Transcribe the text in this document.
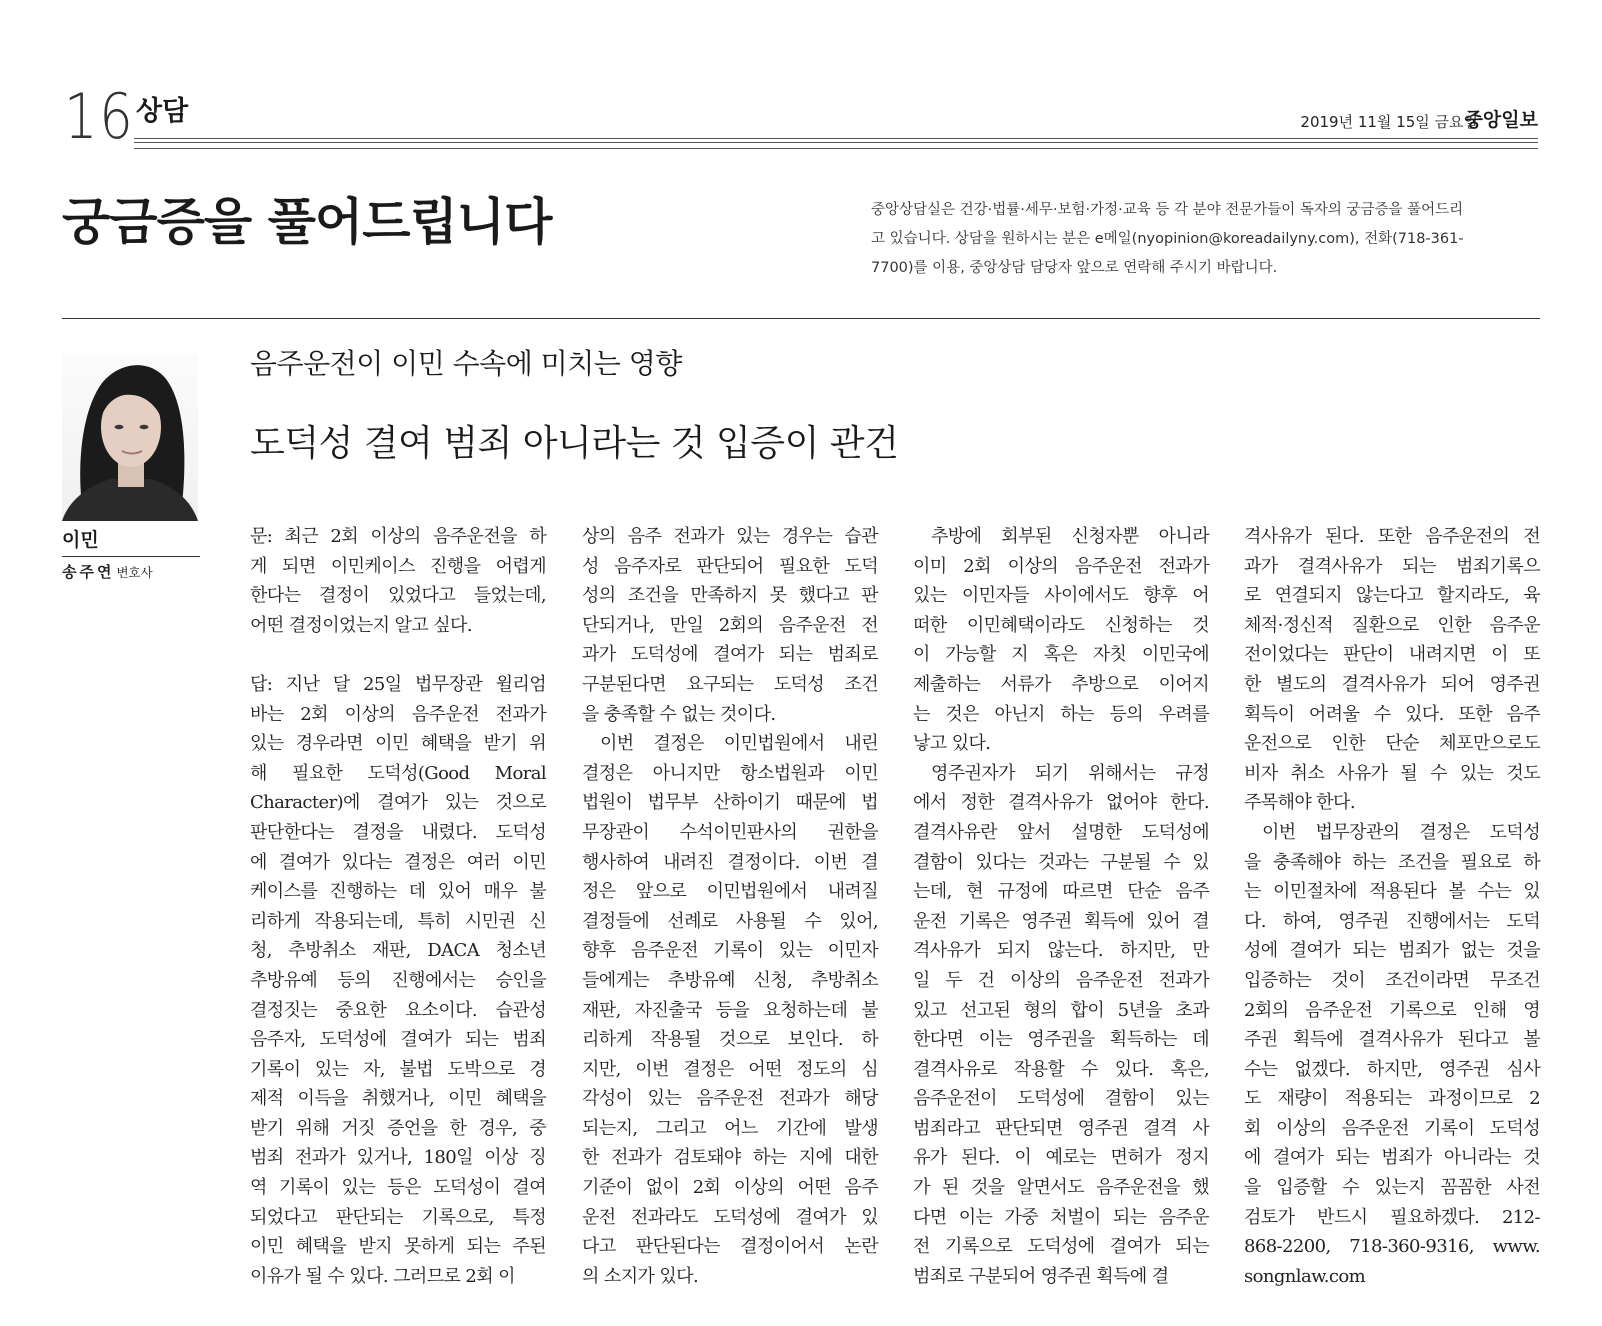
16 상담	2019년 11월 15일 금요일
중앙일보
궁금증을 풀어드립니다	중앙상담실은 건강·법률·세무·보험·가정·교육 등 각 분야 전문가들이 독자의 궁금증을 풀어드리
고 있습니다. 상담을 원하시는 분은 e메일(nyopinion@koreadailyny.com), 전화(718-361-
7700)를 이용, 중앙상담 담당자 앞으로 연락해 주시기 바랍니다.
이민
송주연 변호사
음주운전이 이민 수속에 미치는 영향
도덕성 결여 범죄 아니라는 것 입증이 관건
문: 최근 2회 이상의 음주운전을 하
게 되면 이민케이스 진행을 어렵게
한다는 결정이 있었다고 들었는데,
어떤 결정이었는지 알고 싶다.
답: 지난 달 25일 법무장관 윌리엄
바는 2회 이상의 음주운전 전과가
있는 경우라면 이민 혜택을 받기 위
해 필요한 도덕성(Good Moral
Character)에 결여가 있는 것으로
판단한다는 결정을 내렸다. 도덕성
에 결여가 있다는 결정은 여러 이민
케이스를 진행하는 데 있어 매우 불
리하게 작용되는데, 특히 시민권 신
청, 추방취소 재판, DACA 청소년
추방유예 등의 진행에서는 승인을
결정짓는 중요한 요소이다. 습관성
음주자, 도덕성에 결여가 되는 범죄
기록이 있는 자, 불법 도박으로 경
제적 이득을 취했거나, 이민 혜택을
받기 위해 거짓 증언을 한 경우, 중
범죄 전과가 있거나, 180일 이상 징
역 기록이 있는 등은 도덕성이 결여
되었다고 판단되는 기록으로, 특정
이민 혜택을 받지 못하게 되는 주된
이유가 될 수 있다. 그러므로 2회 이
상의 음주 전과가 있는 경우는 습관
성 음주자로 판단되어 필요한 도덕
성의 조건을 만족하지 못 했다고 판
단되거나, 만일 2회의 음주운전 전
과가 도덕성에 결여가 되는 범죄로
구분된다면 요구되는 도덕성 조건
을 충족할 수 없는 것이다.
이번 결정은 이민법원에서 내린
결정은 아니지만 항소법원과 이민
법원이 법무부 산하이기 때문에 법
무장관이 수석이민판사의 권한을
행사하여 내려진 결정이다. 이번 결
정은 앞으로 이민법원에서 내려질
결정들에 선례로 사용될 수 있어,
향후 음주운전 기록이 있는 이민자
들에게는 추방유예 신청, 추방취소
재판, 자진출국 등을 요청하는데 불
리하게 작용될 것으로 보인다. 하
지만, 이번 결정은 어떤 정도의 심
각성이 있는 음주운전 전과가 해당
되는지, 그리고 어느 기간에 발생
한 전과가 검토돼야 하는 지에 대한
기준이 없이 2회 이상의 어떤 음주
운전 전과라도 도덕성에 결여가 있
다고 판단된다는 결정이어서 논란
의 소지가 있다.
추방에 회부된 신청자뿐 아니라
이미 2회 이상의 음주운전 전과가
있는 이민자들 사이에서도 향후 어
떠한 이민혜택이라도 신청하는 것
이 가능할 지 혹은 자칫 이민국에
제출하는 서류가 추방으로 이어지
는 것은 아닌지 하는 등의 우려를
낳고 있다.
영주권자가 되기 위해서는 규정
에서 정한 결격사유가 없어야 한다.
결격사유란 앞서 설명한 도덕성에
결함이 있다는 것과는 구분될 수 있
는데, 현 규정에 따르면 단순 음주
운전 기록은 영주권 획득에 있어 결
격사유가 되지 않는다. 하지만, 만
일 두 건 이상의 음주운전 전과가
있고 선고된 형의 합이 5년을 초과
한다면 이는 영주권을 획득하는 데
결격사유로 작용할 수 있다. 혹은,
음주운전이 도덕성에 결함이 있는
범죄라고 판단되면 영주권 결격 사
유가 된다. 이 예로는 면허가 정지
가 된 것을 알면서도 음주운전을 했
다면 이는 가중 처벌이 되는 음주운
전 기록으로 도덕성에 결여가 되는
범죄로 구분되어 영주권 획득에 결
격사유가 된다. 또한 음주운전의 전
과가 결격사유가 되는 범죄기록으
로 연결되지 않는다고 할지라도, 육
체적·정신적 질환으로 인한 음주운
전이었다는 판단이 내려지면 이 또
한 별도의 결격사유가 되어 영주권
획득이 어려울 수 있다. 또한 음주
운전으로 인한 단순 체포만으로도
비자 취소 사유가 될 수 있는 것도
주목해야 한다.
이번 법무장관의 결정은 도덕성
을 충족해야 하는 조건을 필요로 하
는 이민절차에 적용된다 볼 수는 있
다. 하여, 영주권 진행에서는 도덕
성에 결여가 되는 범죄가 없는 것을
입증하는 것이 조건이라면 무조건
2회의 음주운전 기록으로 인해 영
주권 획득에 결격사유가 된다고 볼
수는 없겠다. 하지만, 영주권 심사
도 재량이 적용되는 과정이므로 2
회 이상의 음주운전 기록이 도덕성
에 결여가 되는 범죄가 아니라는 것
을 입증할 수 있는지 꼼꼼한 사전
검토가 반드시 필요하겠다. 212-
868-2200, 718-360-9316, www.
songnlaw.com
